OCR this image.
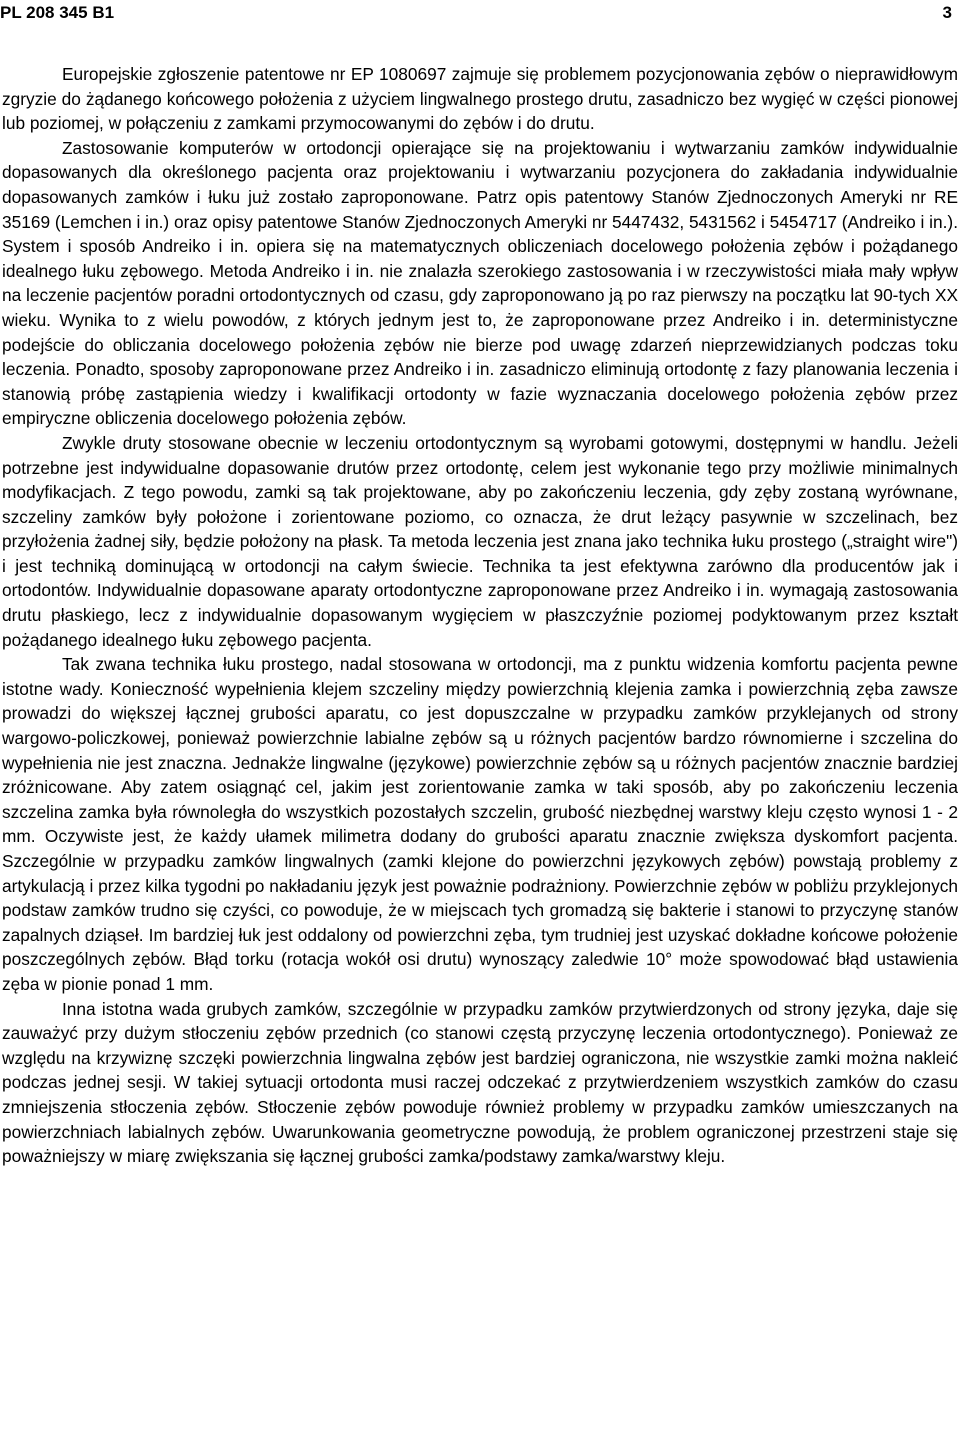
PL 208 345 B1	3

Europejskie zgłoszenie patentowe nr EP 1080697 zajmuje się problemem pozycjonowania zębów o nieprawidłowym zgryzie do żądanego końcowego położenia z użyciem lingwalnego prostego drutu, zasadniczo bez wygięć w części pionowej lub poziomej, w połączeniu z zamkami przymocowanymi do zębów i do drutu.

Zastosowanie komputerów w ortodoncji opierające się na projektowaniu i wytwarzaniu zamków indywidualnie dopasowanych dla określonego pacjenta oraz projektowaniu i wytwarzaniu pozycjonera do zakładania indywidualnie dopasowanych zamków i łuku już zostało zaproponowane. Patrz opis patentowy Stanów Zjednoczonych Ameryki nr RE 35169 (Lemchen i in.) oraz opisy patentowe Stanów Zjednoczonych Ameryki nr 5447432, 5431562 i 5454717 (Andreiko i in.). System i sposób Andreiko i in. opiera się na matematycznych obliczeniach docelowego położenia zębów i pożądanego idealnego łuku zębowego. Metoda Andreiko i in. nie znalazła szerokiego zastosowania i w rzeczywistości miała mały wpływ na leczenie pacjentów poradni ortodontycznych od czasu, gdy zaproponowano ją po raz pierwszy na początku lat 90-tych XX wieku. Wynika to z wielu powodów, z których jednym jest to, że zaproponowane przez Andreiko i in. deterministyczne podejście do obliczania docelowego położenia zębów nie bierze pod uwagę zdarzeń nieprzewidzianych podczas toku leczenia. Ponadto, sposoby zaproponowane przez Andreiko i in. zasadniczo eliminują ortodontę z fazy planowania leczenia i stanowią próbę zastąpienia wiedzy i kwalifikacji ortodonty w fazie wyznaczania docelowego położenia zębów przez empiryczne obliczenia docelowego położenia zębów.

Zwykle druty stosowane obecnie w leczeniu ortodontycznym są wyrobami gotowymi, dostępnymi w handlu. Jeżeli potrzebne jest indywidualne dopasowanie drutów przez ortodontę, celem jest wykonanie tego przy możliwie minimalnych modyfikacjach. Z tego powodu, zamki są tak projektowane, aby po zakończeniu leczenia, gdy zęby zostaną wyrównane, szczeliny zamków były położone i zorientowane poziomo, co oznacza, że drut leżący pasywnie w szczelinach, bez przyłożenia żadnej siły, będzie położony na płask. Ta metoda leczenia jest znana jako technika łuku prostego („straight wire") i jest techniką dominującą w ortodoncji na całym świecie. Technika ta jest efektywna zarówno dla producentów jak i ortodontów. Indywidualnie dopasowane aparaty ortodontyczne zaproponowane przez Andreiko i in. wymagają zastosowania drutu płaskiego, lecz z indywidualnie dopasowanym wygięciem w płaszczyźnie poziomej podyktowanym przez kształt pożądanego idealnego łuku zębowego pacjenta.

Tak zwana technika łuku prostego, nadal stosowana w ortodoncji, ma z punktu widzenia komfortu pacjenta pewne istotne wady. Konieczność wypełnienia klejem szczeliny między powierzchnią klejenia zamka i powierzchnią zęba zawsze prowadzi do większej łącznej grubości aparatu, co jest dopuszczalne w przypadku zamków przyklejanych od strony wargowo-policzkowej, ponieważ powierzchnie labialne zębów są u różnych pacjentów bardzo równomierne i szczelina do wypełnienia nie jest znaczna. Jednakże lingwalne (językowe) powierzchnie zębów są u różnych pacjentów znacznie bardziej zróżnicowane. Aby zatem osiągnąć cel, jakim jest zorientowanie zamka w taki sposób, aby po zakończeniu leczenia szczelina zamka była równoległa do wszystkich pozostałych szczelin, grubość niezbędnej warstwy kleju często wynosi 1 - 2 mm. Oczywiste jest, że każdy ułamek milimetra dodany do grubości aparatu znacznie zwiększa dyskomfort pacjenta. Szczególnie w przypadku zamków lingwalnych (zamki klejone do powierzchni językowych zębów) powstają problemy z artykulacją i przez kilka tygodni po nakładaniu język jest poważnie podrażniony. Powierzchnie zębów w pobliżu przyklejonych podstaw zamków trudno się czyści, co powoduje, że w miejscach tych gromadzą się bakterie i stanowi to przyczynę stanów zapalnych dziąseł. Im bardziej łuk jest oddalony od powierzchni zęba, tym trudniej jest uzyskać dokładne końcowe położenie poszczególnych zębów. Błąd torku (rotacja wokół osi drutu) wynoszący zaledwie 10° może spowodować błąd ustawienia zęba w pionie ponad 1 mm.

Inna istotna wada grubych zamków, szczególnie w przypadku zamków przytwierdzonych od strony języka, daje się zauważyć przy dużym stłoczeniu zębów przednich (co stanowi częstą przyczynę leczenia ortodontycznego). Ponieważ ze względu na krzywiznę szczęki powierzchnia lingwalna zębów jest bardziej ograniczona, nie wszystkie zamki można nakleić podczas jednej sesji. W takiej sytuacji ortodonta musi raczej odczekać z przytwierdzeniem wszystkich zamków do czasu zmniejszenia stłoczenia zębów. Stłoczenie zębów powoduje również problemy w przypadku zamków umieszczanych na powierzchniach labialnych zębów. Uwarunkowania geometryczne powodują, że problem ograniczonej przestrzeni staje się poważniejszy w miarę zwiększania się łącznej grubości zamka/podstawy zamka/warstwy kleju.
